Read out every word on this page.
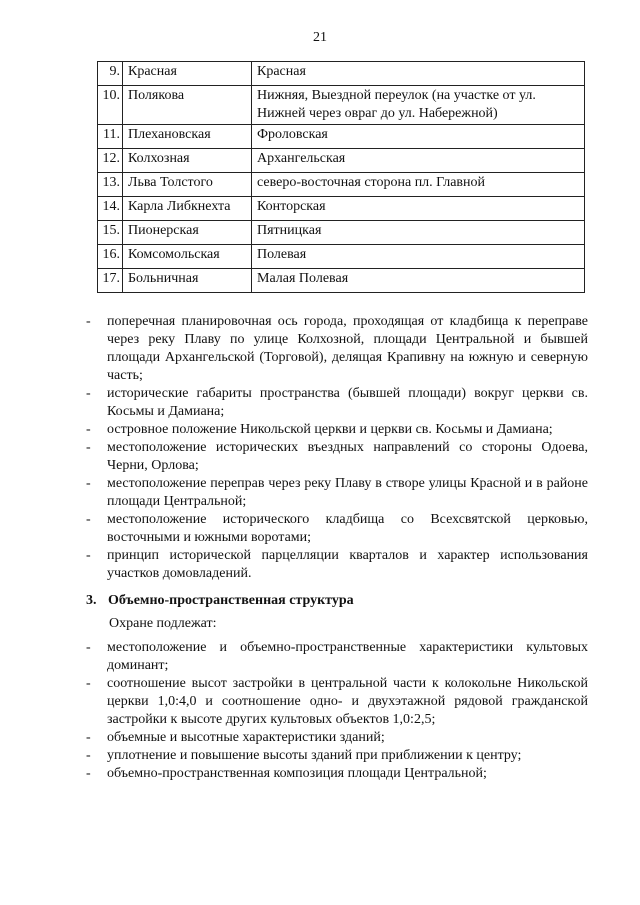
21
9.	Красная	Красная
10.	Полякова	Нижняя, Выездной переулок (на участке от ул. Нижней через овраг до ул. Набережной)
11.	Плехановская	Фроловская
12.	Колхозная	Архангельская
13.	Льва Толстого	северо-восточная сторона пл. Главной
14.	Карла Либкнехта	Конторская
15.	Пионерская	Пятницкая
16.	Комсомольская	Полевая
17.	Больничная	Малая Полевая
- поперечная планировочная ось города, проходящая от кладбища к переправе через реку Плаву по улице Колхозной, площади Центральной и бывшей площади Архангельской (Торговой), делящая Крапивну на южную и северную часть;
- исторические габариты пространства (бывшей площади) вокруг церкви св. Косьмы и Дамиана;
- островное положение Никольской церкви и церкви св. Косьмы и Дамиана;
- местоположение исторических въездных направлений со стороны Одоева, Черни, Орлова;
- местоположение переправ через реку Плаву в створе улицы Красной и в районе площади Центральной;
- местоположение исторического кладбища со Всехсвятской церковью, восточными и южными воротами;
- принцип исторической парцелляции кварталов и характер использования участков домовладений.
3. Объемно-пространственная структура
Охране подлежат:
- местоположение и объемно-пространственные характеристики культовых доминант;
- соотношение высот застройки в центральной части к колокольне Никольской церкви 1,0:4,0 и соотношение одно- и двухэтажной рядовой гражданской застройки к высоте других культовых объектов 1,0:2,5;
- объемные и высотные характеристики зданий;
- уплотнение и повышение высоты зданий при приближении к центру;
- объемно-пространственная композиция площади Центральной;
